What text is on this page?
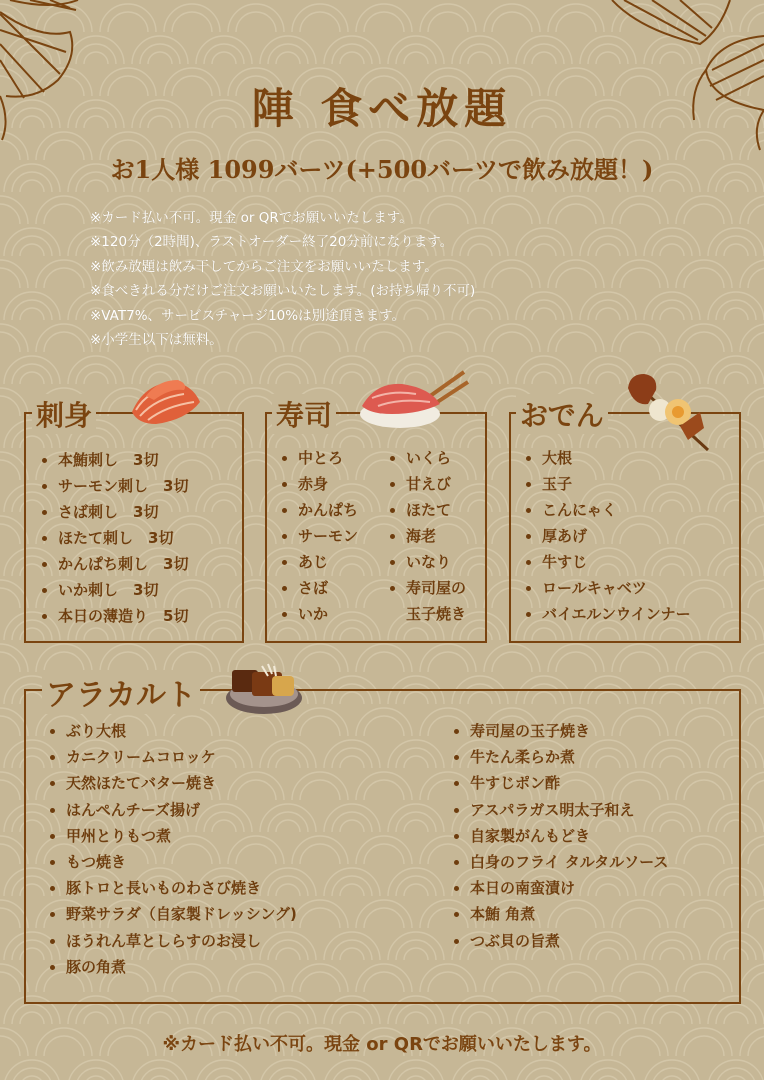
陣 食べ放題
お1人様 1099バーツ(+500バーツで飲み放題！)
※カード払い不可。現金 or QRでお願いいたします。
※120分（2時間)、ラストオーダー終了20分前になります。
※飲み放題は飲み干してからご注文をお願いいたします。
※食べきれる分だけご注文お願いいたします。(お持ち帰り不可)
※VAT7%、サービスチャージ10%は別途頂きます。
※小学生以下は無料。
刺身
本鮪刺し　3切
サーモン刺し　3切
さば刺し　3切
ほたて刺し　3切
かんぱち刺し　3切
いか刺し　3切
本日の薄造り　5切
寿司
中とろ
赤身
かんぱち
サーモン
あじ
さば
いか
いくら
甘えび
ほたて
海老
いなり
寿司屋の
玉子焼き
おでん
大根
玉子
こんにゃく
厚あげ
牛すじ
ロールキャベツ
バイエルンウインナー
アラカルト
ぶり大根
カニクリームコロッケ
天然ほたてバター焼き
はんぺんチーズ揚げ
甲州とりもつ煮
もつ焼き
豚トロと長いものわさび焼き
野菜サラダ（自家製ドレッシング)
ほうれん草としらすのお浸し
豚の角煮
寿司屋の玉子焼き
牛たん柔らか煮
牛すじポン酢
アスパラガス明太子和え
自家製がんもどき
白身のフライ タルタルソース
本日の南蛮漬け
本鮪 角煮
つぶ貝の旨煮
※カード払い不可。現金 or QRでお願いいたします。
